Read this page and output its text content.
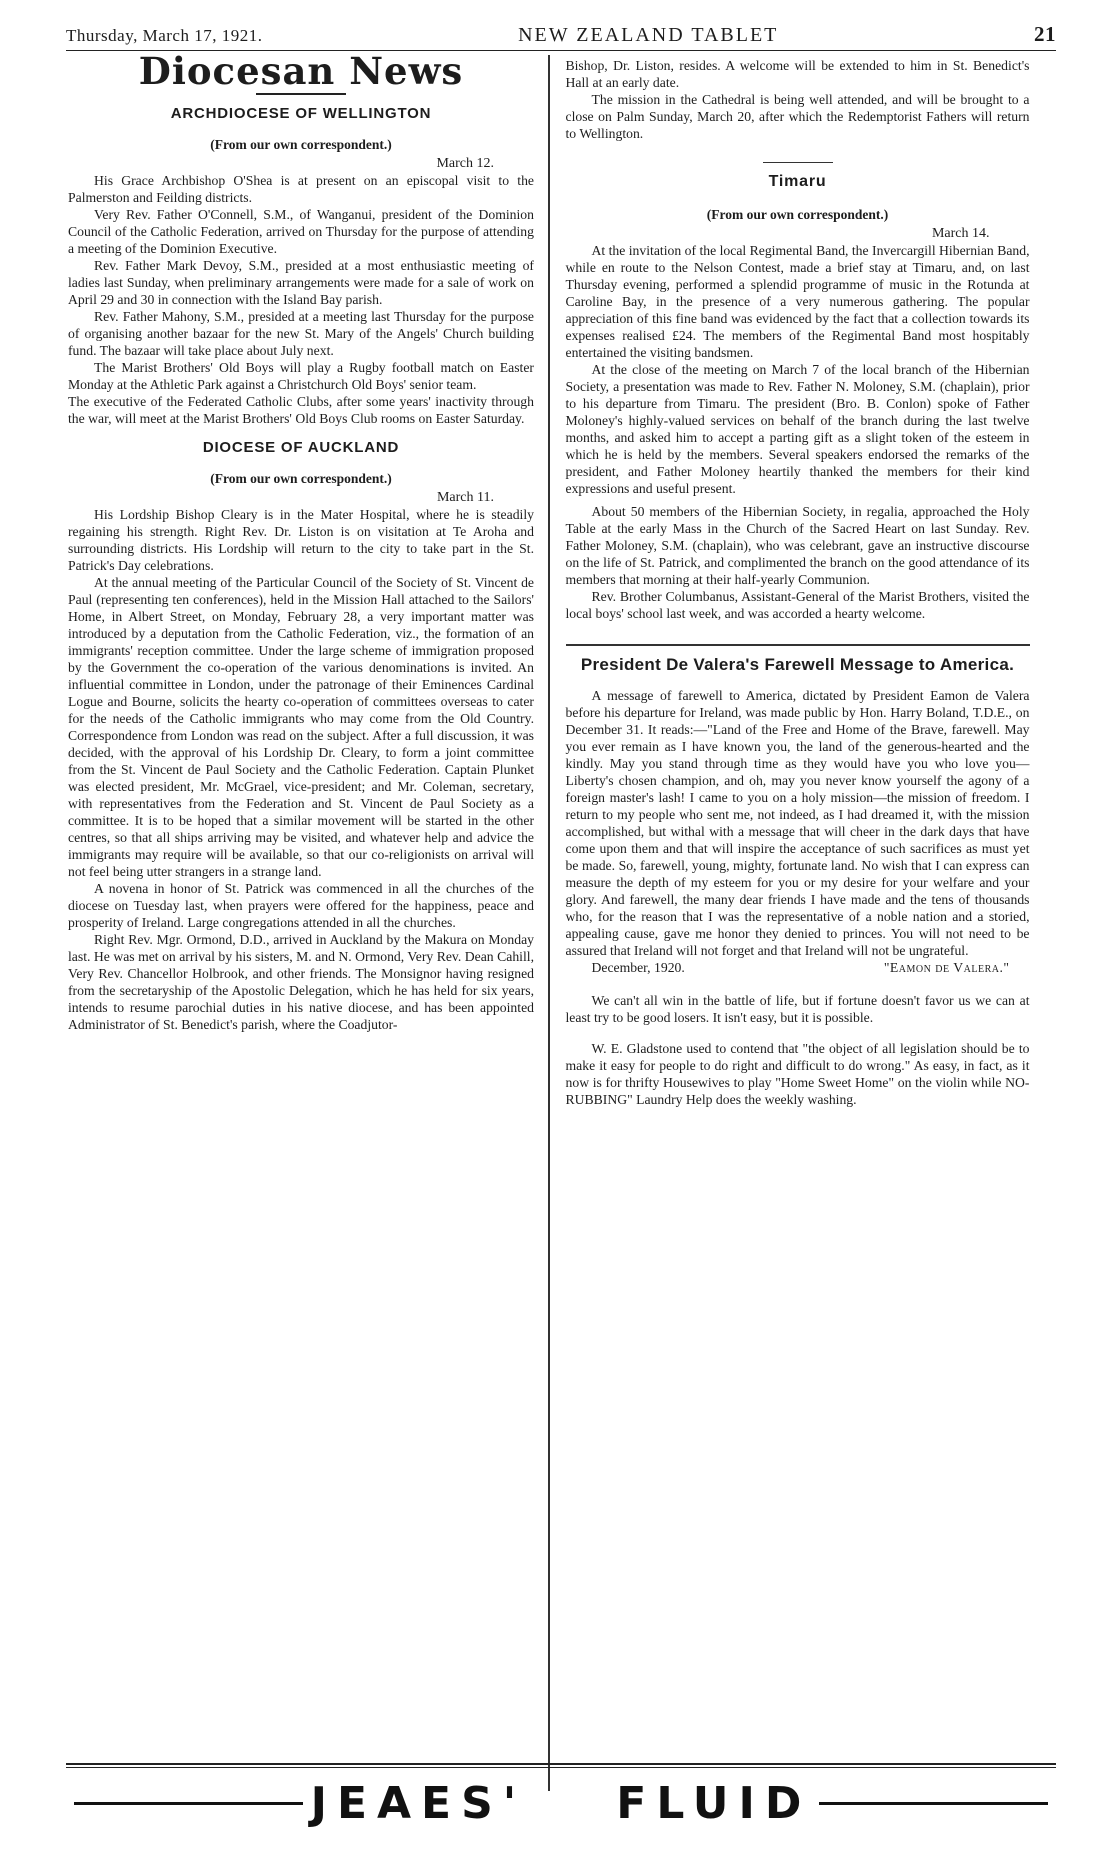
Thursday, March 17, 1921.	NEW ZEALAND TABLET	21
Diocesan News
ARCHDIOCESE OF WELLINGTON
(From our own correspondent.)
March 12.

His Grace Archbishop O'Shea is at present on an episcopal visit to the Palmerston and Feilding districts.

Very Rev. Father O'Connell, S.M., of Wanganui, president of the Dominion Council of the Catholic Federation, arrived on Thursday for the purpose of attending a meeting of the Dominion Executive.

Rev. Father Mark Devoy, S.M., presided at a most enthusiastic meeting of ladies last Sunday, when preliminary arrangements were made for a sale of work on April 29 and 30 in connection with the Island Bay parish.

Rev. Father Mahony, S.M., presided at a meeting last Thursday for the purpose of organising another bazaar for the new St. Mary of the Angels' Church building fund. The bazaar will take place about July next.

The Marist Brothers' Old Boys will play a Rugby football match on Easter Monday at the Athletic Park against a Christchurch Old Boys' senior team.

The executive of the Federated Catholic Clubs, after some years' inactivity through the war, will meet at the Marist Brothers' Old Boys Club rooms on Easter Saturday.

DIOCESE OF AUCKLAND
(From our own correspondent.)
March 11.

His Lordship Bishop Cleary is in the Mater Hospital, where he is steadily regaining his strength. Right Rev. Dr. Liston is on visitation at Te Aroha and surrounding districts. His Lordship will return to the city to take part in the St. Patrick's Day celebrations.

At the annual meeting of the Particular Council of the Society of St. Vincent de Paul (representing ten conferences), held in the Mission Hall attached to the Sailors' Home, in Albert Street, on Monday, February 28, a very important matter was introduced by a deputation from the Catholic Federation, viz., the formation of an immigrants' reception committee. Under the large scheme of immigration proposed by the Government the co-operation of the various denominations is invited. An influential committee in London, under the patronage of their Eminences Cardinal Logue and Bourne, solicits the hearty co-operation of committees overseas to cater for the needs of the Catholic immigrants who may come from the Old Country. Correspondence from London was read on the subject. After a full discussion, it was decided, with the approval of his Lordship Dr. Cleary, to form a joint committee from the St. Vincent de Paul Society and the Catholic Federation. Captain Plunket was elected president, Mr. McGrael, vice-president; and Mr. Coleman, secretary, with representatives from the Federation and St. Vincent de Paul Society as a committee. It is to be hoped that a similar movement will be started in the other centres, so that all ships arriving may be visited, and whatever help and advice the immigrants may require will be available, so that our co-religionists on arrival will not feel being utter strangers in a strange land.

A novena in honor of St. Patrick was commenced in all the churches of the diocese on Tuesday last, when prayers were offered for the happiness, peace and prosperity of Ireland. Large congregations attended in all the churches.

Right Rev. Mgr. Ormond, D.D., arrived in Auckland by the Makura on Monday last. He was met on arrival by his sisters, M. and N. Ormond, Very Rev. Dean Cahill, Very Rev. Chancellor Holbrook, and other friends. The Monsignor having resigned from the secretaryship of the Apostolic Delegation, which he has held for six years, intends to resume parochial duties in his native diocese, and has been appointed Administrator of St. Benedict's parish, where the Coadjutor-

Bishop, Dr. Liston, resides. A welcome will be extended to him in St. Benedict's Hall at an early date.

The mission in the Cathedral is being well attended, and will be brought to a close on Palm Sunday, March 20, after which the Redemptorist Fathers will return to Wellington.

Timaru
(From our own correspondent.)
March 14.

At the invitation of the local Regimental Band, the Invercargill Hibernian Band, while en route to the Nelson Contest, made a brief stay at Timaru, and, on last Thursday evening, performed a splendid programme of music in the Rotunda at Caroline Bay, in the presence of a very numerous gathering. The popular appreciation of this fine band was evidenced by the fact that a collection towards its expenses realised £24. The members of the Regimental Band most hospitably entertained the visiting bandsmen.

At the close of the meeting on March 7 of the local branch of the Hibernian Society, a presentation was made to Rev. Father N. Moloney, S.M. (chaplain), prior to his departure from Timaru. The president (Bro. B. Conlon) spoke of Father Moloney's highly-valued services on behalf of the branch during the last twelve months, and asked him to accept a parting gift as a slight token of the esteem in which he is held by the members. Several speakers endorsed the remarks of the president, and Father Moloney heartily thanked the members for their kind expressions and useful present.

About 50 members of the Hibernian Society, in regalia, approached the Holy Table at the early Mass in the Church of the Sacred Heart on last Sunday. Rev. Father Moloney, S.M. (chaplain), who was celebrant, gave an instructive discourse on the life of St. Patrick, and complimented the branch on the good attendance of its members that morning at their half-yearly Communion.

Rev. Brother Columbanus, Assistant-General of the Marist Brothers, visited the local boys' school last week, and was accorded a hearty welcome.

President De Valera's Farewell Message to America.

A message of farewell to America, dictated by President Eamon de Valera before his departure for Ireland, was made public by Hon. Harry Boland, T.D.E., on December 31. It reads:—"Land of the Free and Home of the Brave, farewell. May you ever remain as I have known you, the land of the generous-hearted and the kindly. May you stand through time as they would have you who love you—Liberty's chosen champion, and oh, may you never know yourself the agony of a foreign master's lash! I came to you on a holy mission—the mission of freedom. I return to my people who sent me, not indeed, as I had dreamed it, with the mission accomplished, but withal with a message that will cheer in the dark days that have come upon them and that will inspire the acceptance of such sacrifices as must yet be made. So, farewell, young, mighty, fortunate land. No wish that I can express can measure the depth of my esteem for you or my desire for your welfare and your glory. And farewell, the many dear friends I have made and the tens of thousands who, for the reason that I was the representative of a noble nation and a storied, appealing cause, gave me honor they denied to princes. You will not need to be assured that Ireland will not forget and that Ireland will not be ungrateful.

December, 1920.	"Eamon de Valera."

We can't all win in the battle of life, but if fortune doesn't favor us we can at least try to be good losers. It isn't easy, but it is possible.

W. E. Gladstone used to contend that "the object of all legislation should be to make it easy for people to do right and difficult to do wrong." As easy, in fact, as it now is for thrifty Housewives to play "Home Sweet Home" on the violin while NO-RUBBING" Laundry Help does the weekly washing.

JEAES' FLUID
